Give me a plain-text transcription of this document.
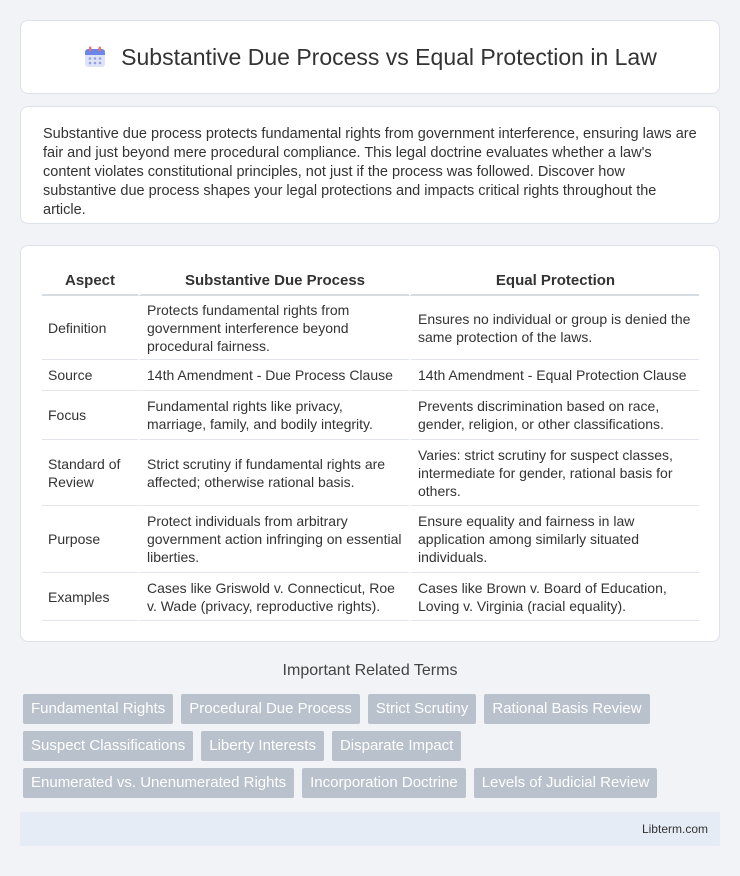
Substantive Due Process vs Equal Protection in Law

Substantive due process protects fundamental rights from government interference, ensuring laws are fair and just beyond mere procedural compliance. This legal doctrine evaluates whether a law's content violates constitutional principles, not just if the process was followed. Discover how substantive due process shapes your legal protections and impacts critical rights throughout the article.

Aspect	Substantive Due Process	Equal Protection
Definition	Protects fundamental rights from government interference beyond procedural fairness.	Ensures no individual or group is denied the same protection of the laws.
Source	14th Amendment - Due Process Clause	14th Amendment - Equal Protection Clause
Focus	Fundamental rights like privacy, marriage, family, and bodily integrity.	Prevents discrimination based on race, gender, religion, or other classifications.
Standard of Review	Strict scrutiny if fundamental rights are affected; otherwise rational basis.	Varies: strict scrutiny for suspect classes, intermediate for gender, rational basis for others.
Purpose	Protect individuals from arbitrary government action infringing on essential liberties.	Ensure equality and fairness in law application among similarly situated individuals.
Examples	Cases like Griswold v. Connecticut, Roe v. Wade (privacy, reproductive rights).	Cases like Brown v. Board of Education, Loving v. Virginia (racial equality).
Important Related Terms
Fundamental Rights	Procedural Due Process	Strict Scrutiny	Rational Basis Review
Suspect Classifications	Liberty Interests	Disparate Impact
Enumerated vs. Unenumerated Rights	Incorporation Doctrine	Levels of Judicial Review
Libterm.com
